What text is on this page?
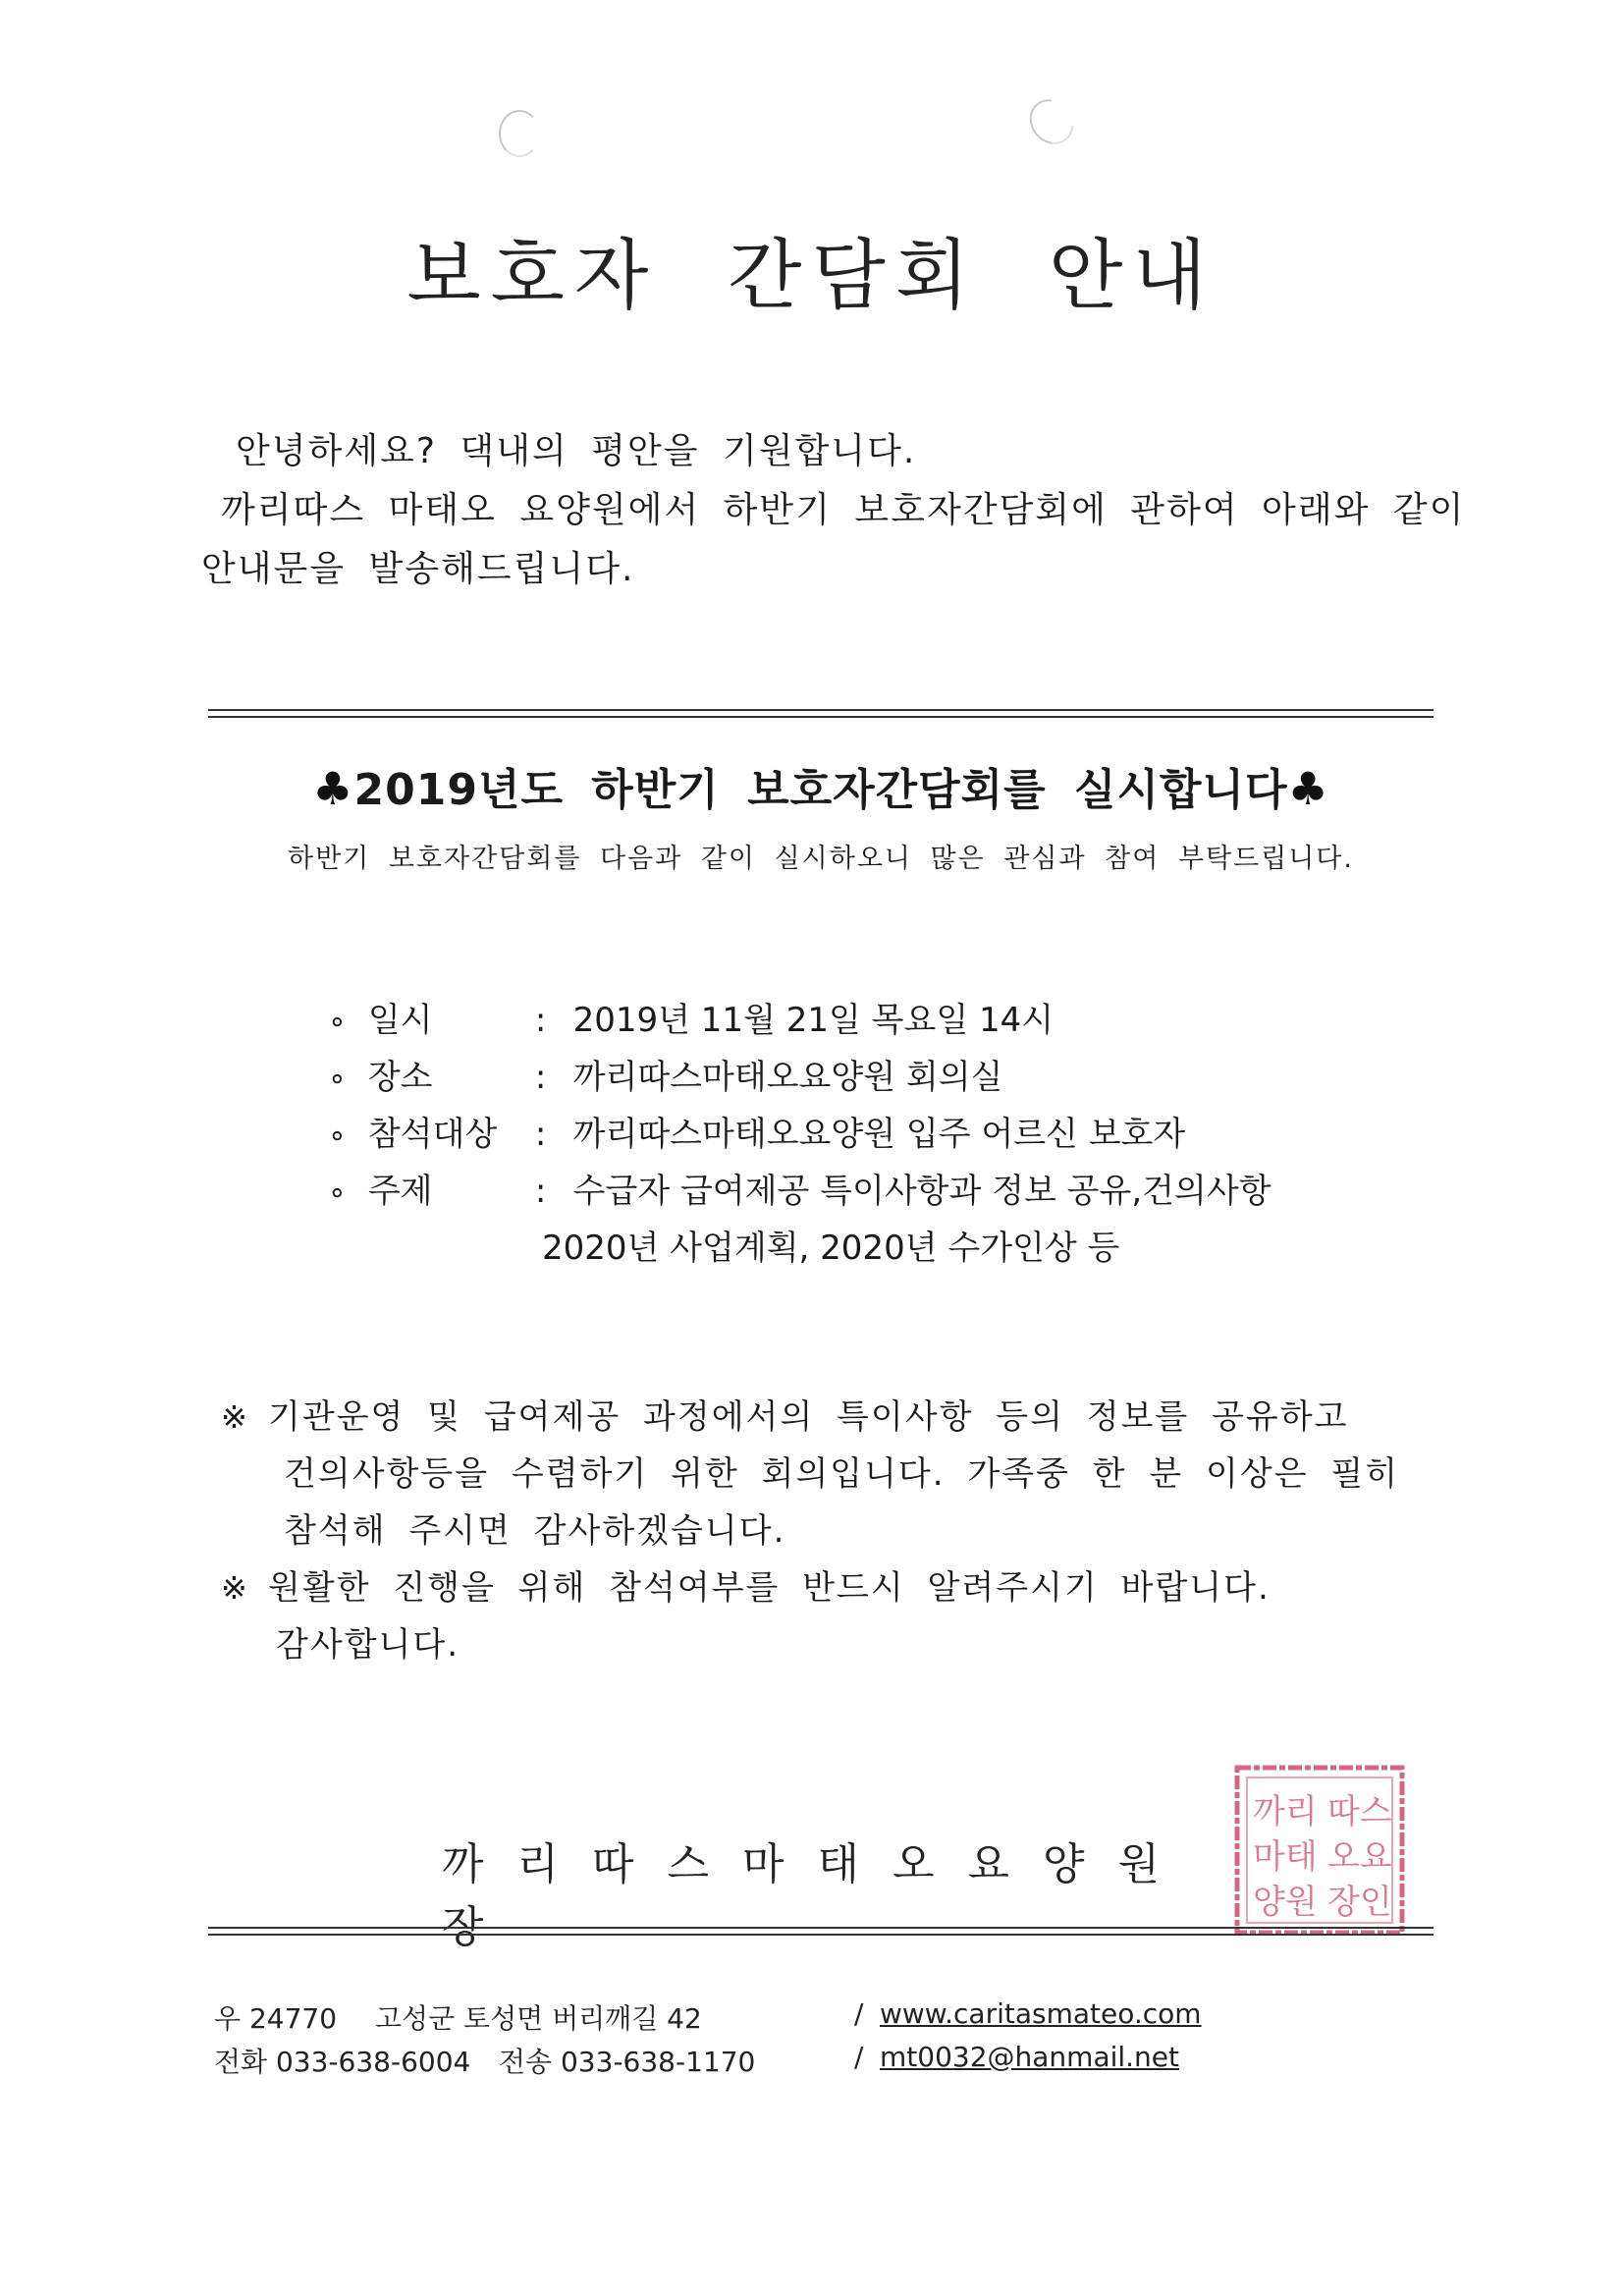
보호자 간담회 안내
안녕하세요? 댁내의 평안을 기원합니다.
까리따스 마태오 요양원에서 하반기 보호자간담회에 관하여 아래와 같이
안내문을 발송해드립니다.
♣2019년도 하반기 보호자간담회를 실시합니다♣
하반기 보호자간담회를 다음과 같이 실시하오니 많은 관심과 참여 부탁드립니다.
∘ 일시	: 2019년 11월 21일 목요일 14시
∘ 장소	: 까리따스마태오요양원 회의실
∘ 참석대상 : 까리따스마태오요양원 입주 어르신 보호자
∘ 주제	: 수급자 급여제공 특이사항과 정보 공유,건의사항
2020년 사업계획, 2020년 수가인상 등
※ 기관운영 및 급여제공 과정에서의 특이사항 등의 정보를 공유하고
건의사항등을 수렴하기 위한 회의입니다. 가족중 한 분 이상은 필히
참석해 주시면 감사하겠습니다.
※ 원활한 진행을 위해 참석여부를 반드시 알려주시기 바랍니다.
감사합니다.
까리따스마태오요양원장
까리 따스
마태 오요
양원 장인
우 24770 고성군 토성면 버리깨길 42
전화 033-638-6004 전송 033-638-1170
/ www.caritasmateo.com
/ mt0032@hanmail.net
